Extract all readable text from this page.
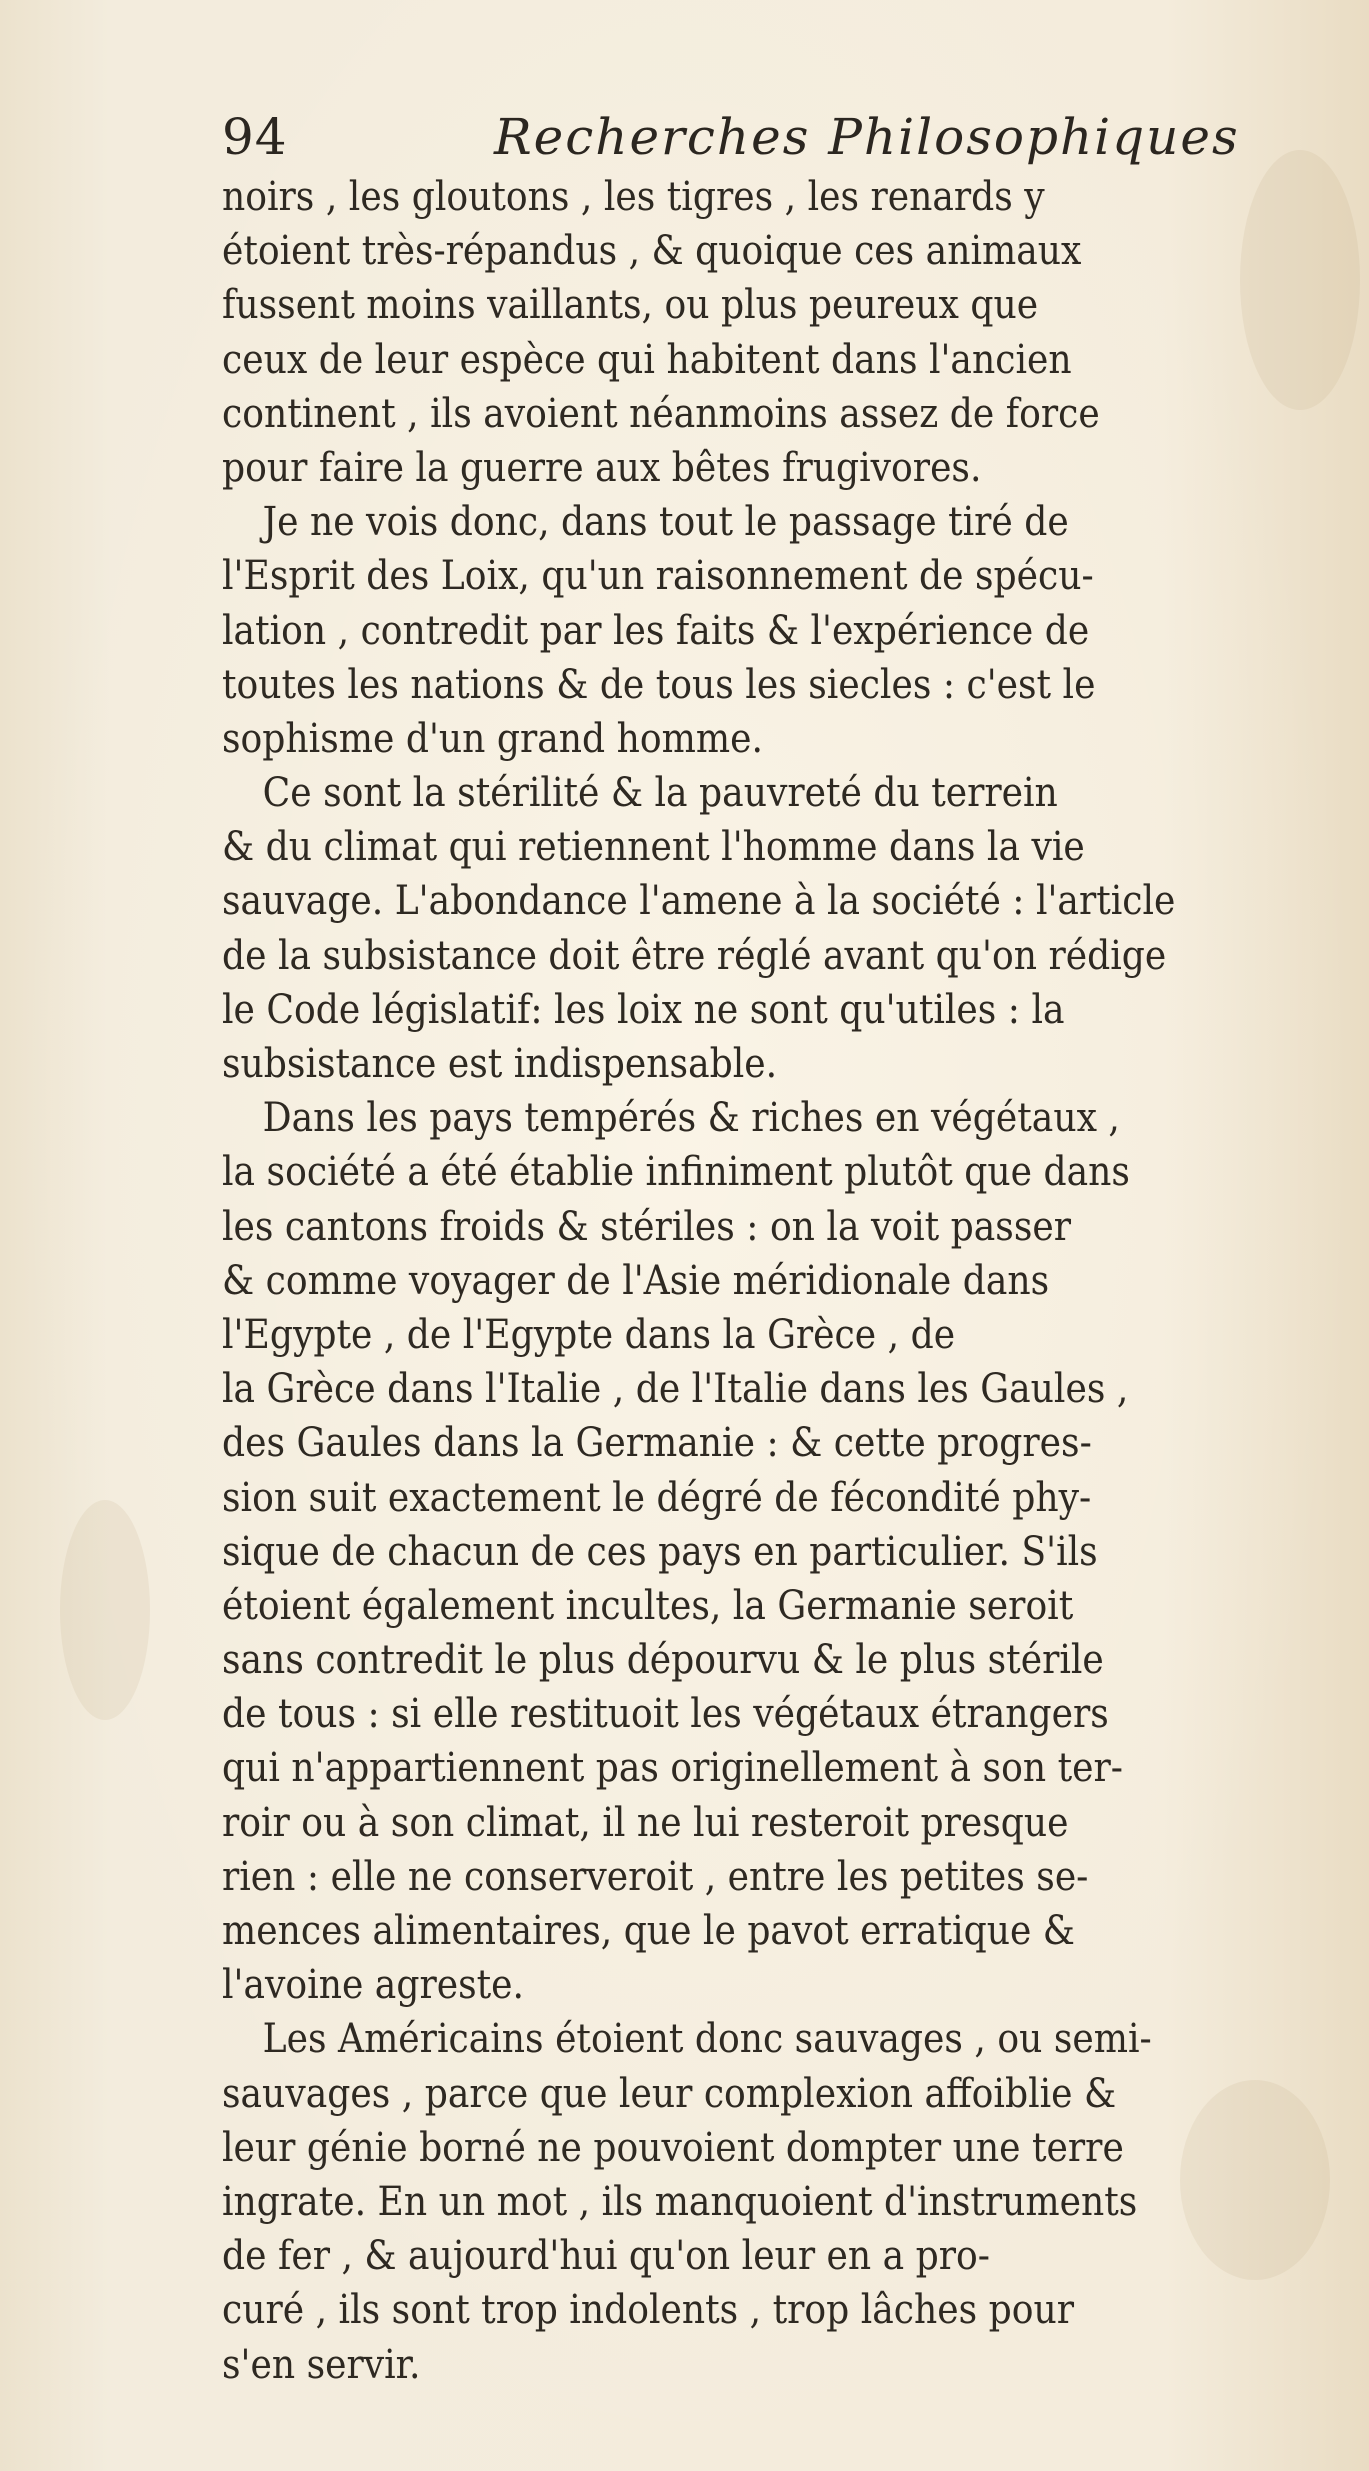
94	Recherches Philosophiques
noirs , les gloutons , les tigres , les renards y
étoient très-répandus , & quoique ces animaux
fussent moins vaillants, ou plus peureux que
ceux de leur espèce qui habitent dans l'ancien
continent , ils avoient néanmoins assez de force
pour faire la guerre aux bêtes frugivores.
Je ne vois donc, dans tout le passage tiré de
l'Esprit des Loix, qu'un raisonnement de spécu-
lation , contredit par les faits & l'expérience de
toutes les nations & de tous les siecles : c'est le
sophisme d'un grand homme.
Ce sont la stérilité & la pauvreté du terrein
& du climat qui retiennent l'homme dans la vie
sauvage. L'abondance l'amene à la société : l'article
de la subsistance doit être réglé avant qu'on rédige
le Code législatif: les loix ne sont qu'utiles : la
subsistance est indispensable.
Dans les pays tempérés & riches en végétaux ,
la société a été établie infiniment plutôt que dans
les cantons froids & stériles : on la voit passer
& comme voyager de l'Asie méridionale dans
l'Egypte , de l'Egypte dans la Grèce , de
la Grèce dans l'Italie , de l'Italie dans les Gaules ,
des Gaules dans la Germanie : & cette progres-
sion suit exactement le dégré de fécondité phy-
sique de chacun de ces pays en particulier. S'ils
étoient également incultes, la Germanie seroit
sans contredit le plus dépourvu & le plus stérile
de tous : si elle restituoit les végétaux étrangers
qui n'appartiennent pas originellement à son ter-
roir ou à son climat, il ne lui resteroit presque
rien : elle ne conserveroit , entre les petites se-
mences alimentaires, que le pavot erratique &
l'avoine agreste.
Les Américains étoient donc sauvages , ou semi-
sauvages , parce que leur complexion affoiblie &
leur génie borné ne pouvoient dompter une terre
ingrate. En un mot , ils manquoient d'instruments
de fer , & aujourd'hui qu'on leur en a pro-
curé , ils sont trop indolents , trop lâches pour
s'en servir.
